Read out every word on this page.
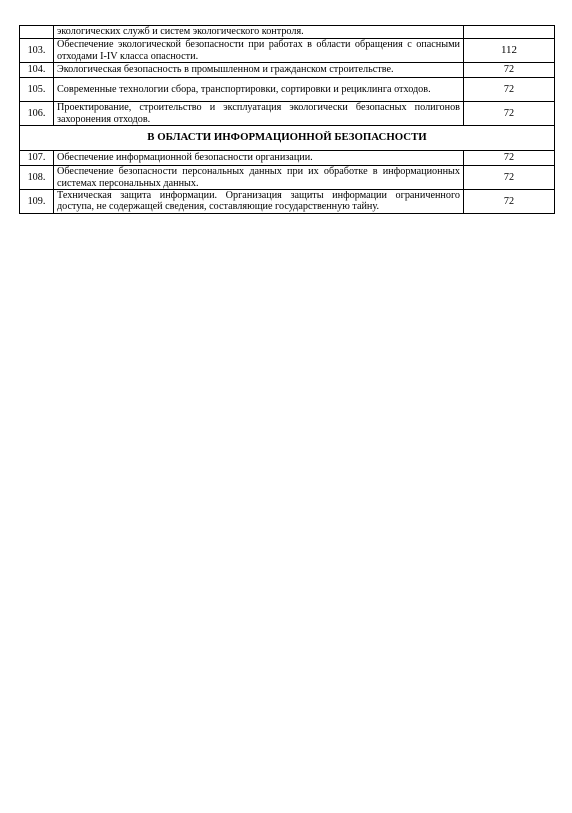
	экологических служб и систем экологического контроля.	
103.	Обеспечение экологической безопасности при работах в области обращения с опасными отходами I-IV класса опасности.	112
104.	Экологическая безопасность в промышленном и гражданском строительстве.	72
105.	Современные технологии сбора, транспортировки, сортировки и рециклинга отходов.	72
106.	Проектирование, строительство и эксплуатация экологически безопасных полигонов захоронения отходов.	72
В ОБЛАСТИ ИНФОРМАЦИОННОЙ БЕЗОПАСНОСТИ		
107.	Обеспечение информационной безопасности организации.	72
108.	Обеспечение безопасности персональных данных при их обработке в информационных системах персональных данных.	72
109.	Техническая защита информации. Организация защиты информации ограниченного доступа, не содержащей сведения, составляющие государственную тайну.	72
